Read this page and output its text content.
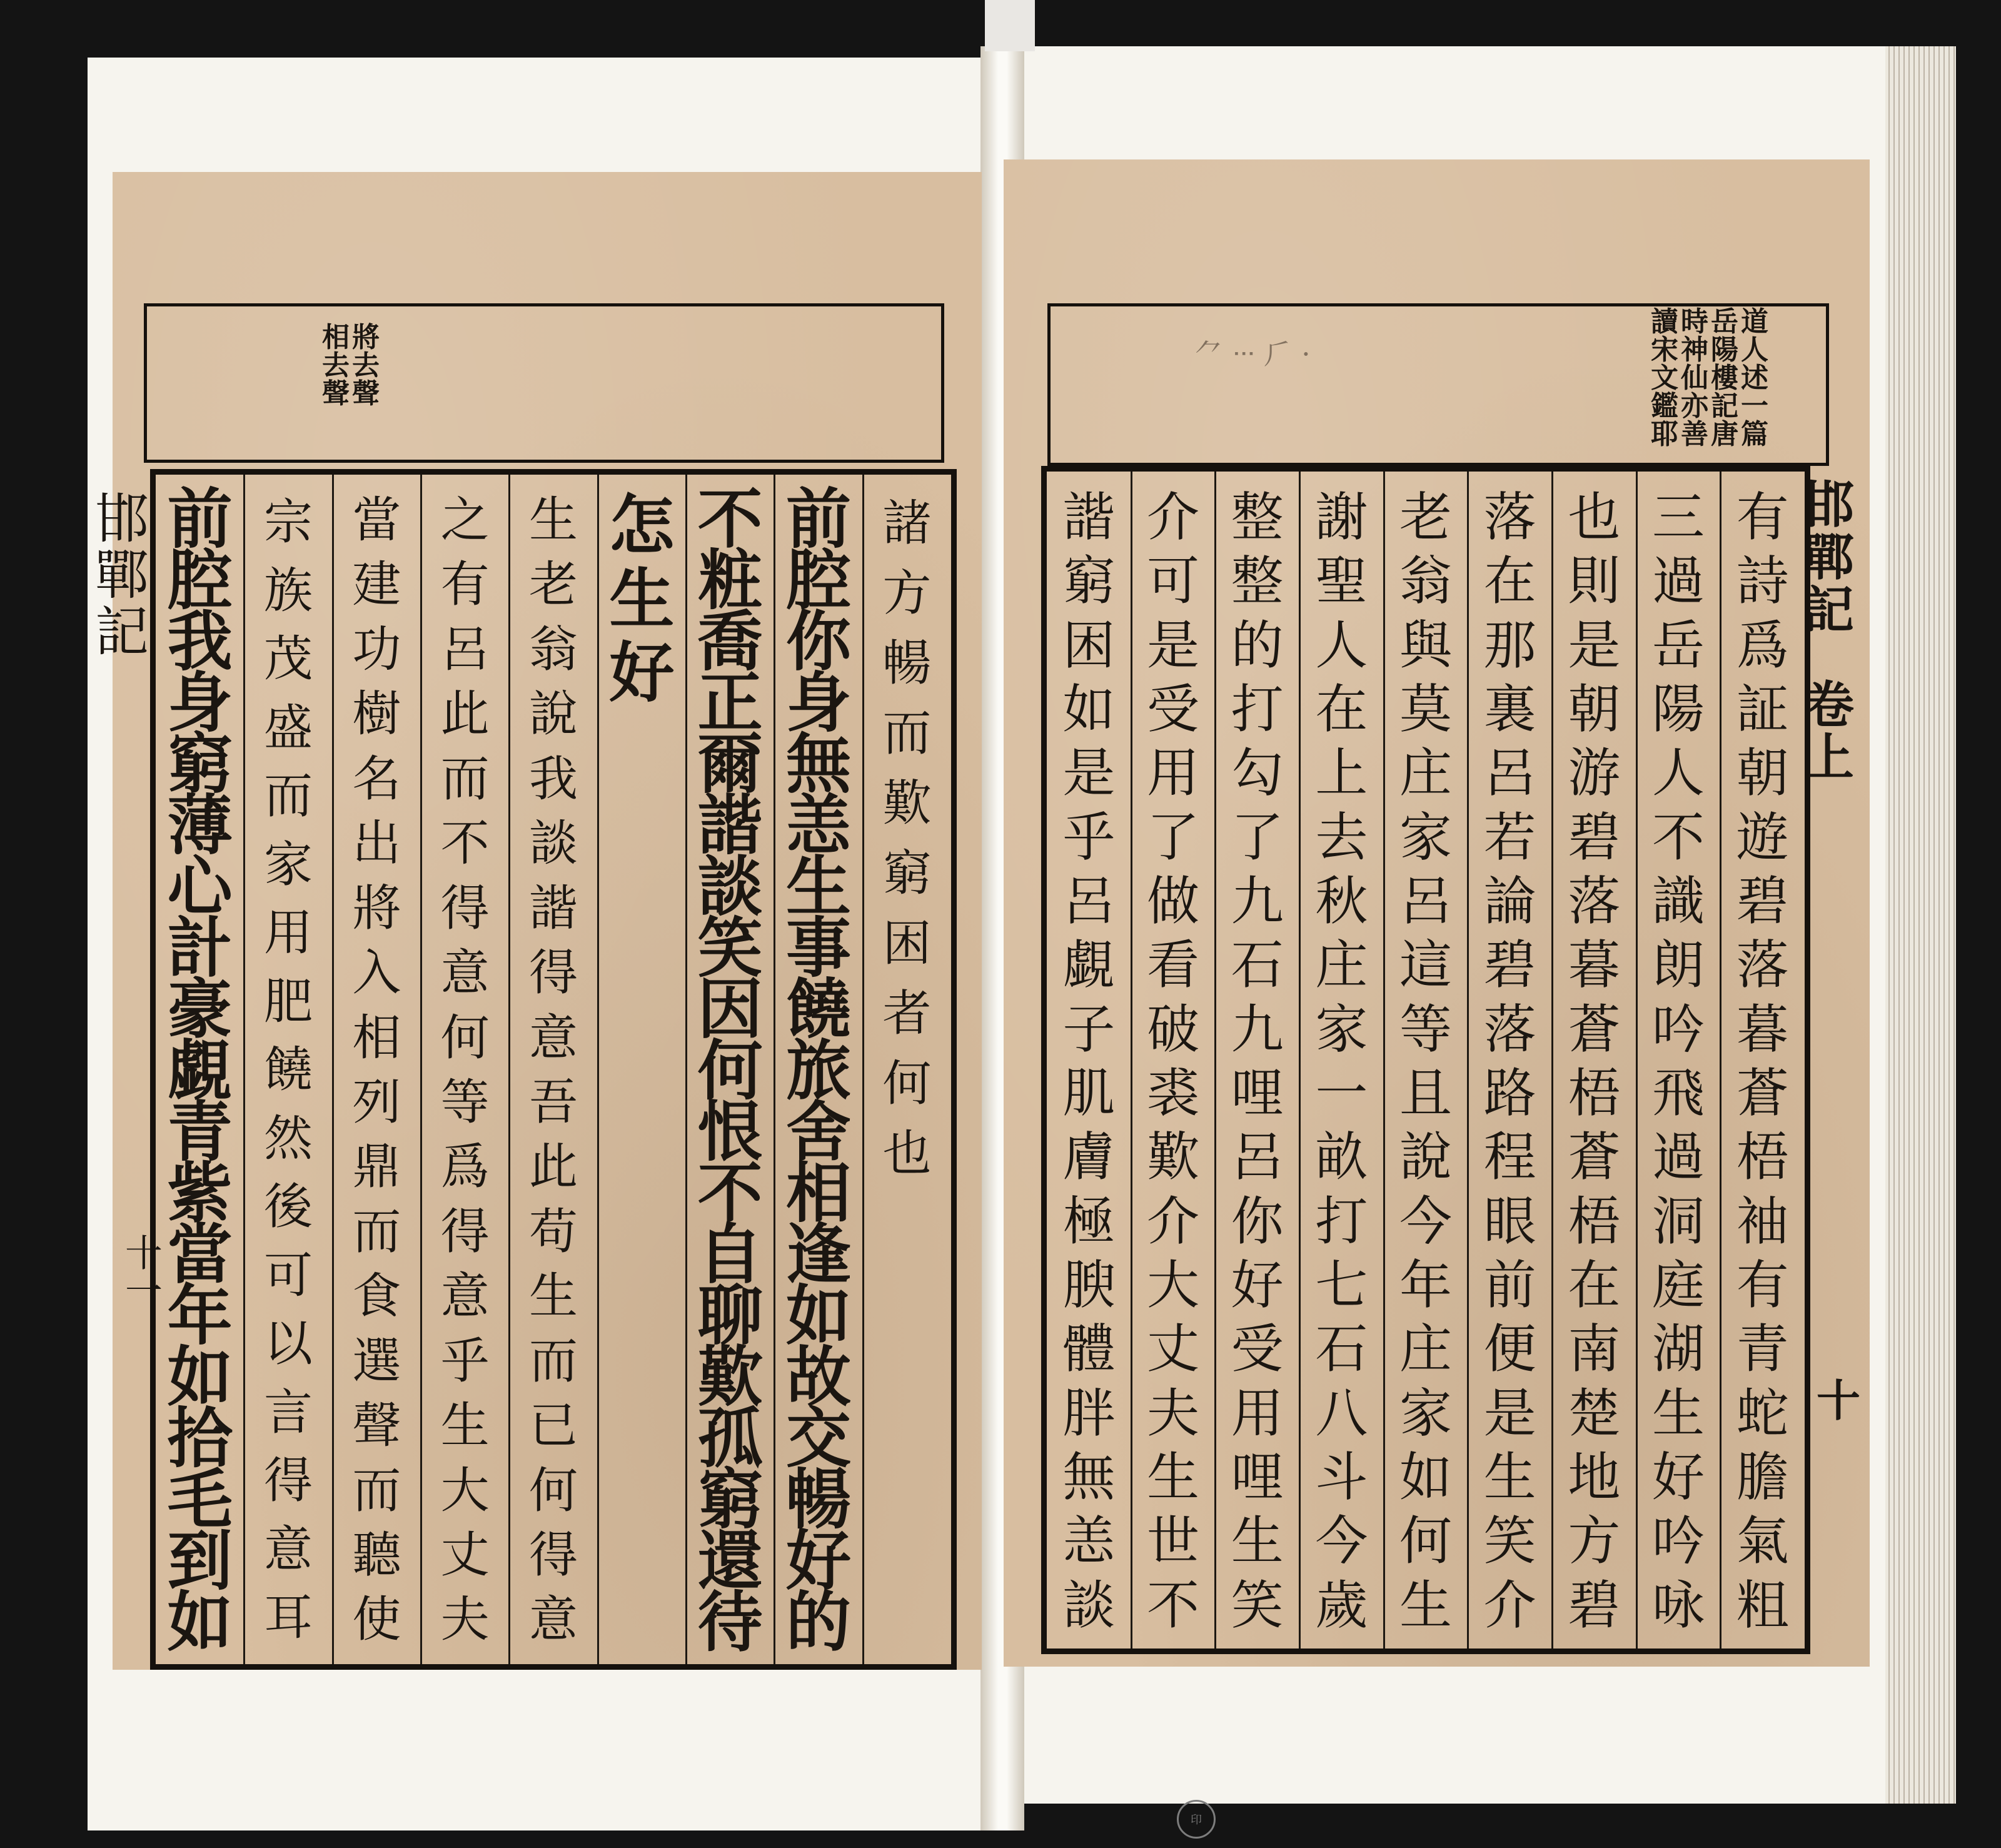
將
去
聲
相
去
聲
邯
鄲
記
十
一
諸
方
暢
而
歎
窮
困
者
何
也
前
腔
你
身
無
恙
生
事
饒
旅
舍
相
逢
如
故
交
暢
好
的
不
粧
喬
正
爾
諧
談
笑
因
何
恨
不
自
聊
歎
孤
窮
還
待
怎
生
好
生
老
翁
說
我
談
諧
得
意
吾
此
苟
生
而
已
何
得
意
之
有
呂
此
而
不
得
意
何
等
爲
得
意
乎
生
大
丈
夫
當
建
功
樹
名
出
將
入
相
列
鼎
而
食
選
聲
而
聽
使
宗
族
茂
盛
而
家
用
肥
饒
然
後
可
以
言
得
意
耳
前
腔
我
身
窮
薄
心
計
豪
覷
青
紫
當
年
如
拾
毛
到
如
⺈ ᐧᐧᐧ ⺁ ·
道
人
述
一
篇
岳
陽
樓
記
唐
時
神
仙
亦
善
讀
宋
文
鑑
耶
邯
鄲
記
卷
上
十
有
詩
爲
証
朝
遊
碧
落
暮
蒼
梧
袖
有
青
蛇
膽
氣
粗
三
過
岳
陽
人
不
識
朗
吟
飛
過
洞
庭
湖
生
好
吟
咏
也
則
是
朝
游
碧
落
暮
蒼
梧
蒼
梧
在
南
楚
地
方
碧
落
在
那
裏
呂
若
論
碧
落
路
程
眼
前
便
是
生
笑
介
老
翁
與
莫
庄
家
呂
這
等
且
說
今
年
庄
家
如
何
生
謝
聖
人
在
上
去
秋
庄
家
一
畝
打
七
石
八
斗
今
歲
整
整
的
打
勾
了
九
石
九
哩
呂
你
好
受
用
哩
生
笑
介
可
是
受
用
了
做
看
破
裘
歎
介
大
丈
夫
生
世
不
諧
窮
困
如
是
乎
呂
覷
子
肌
膚
極
腴
體
胖
無
恙
談
印
